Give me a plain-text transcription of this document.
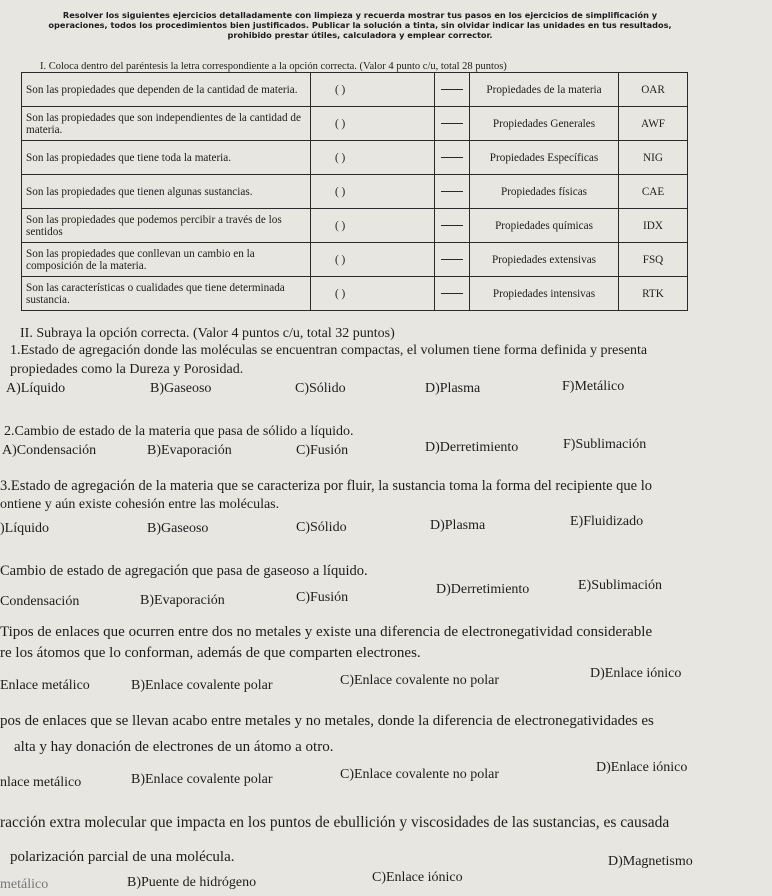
Resolver los siguientes ejercicios detalladamente con limpieza y recuerda mostrar tus pasos en los ejercicios de simplificación y operaciones, todos los procedimientos bien justificados. Publicar la solución a tinta, sin olvidar indicar las unidades en tus resultados, prohibido prestar útiles, calculadora y emplear corrector.
I. Coloca dentro del paréntesis la letra correspondiente a la opción correcta. (Valor 4 punto c/u, total 28 puntos)
Son las propiedades que dependen de la cantidad de materia.	( )		Propiedades de la materia	OAR
Son las propiedades que son independientes de la cantidad de materia.	( )		Propiedades Generales	AWF
Son las propiedades que tiene toda la materia.	( )		Propiedades Específicas	NIG
Son las propiedades que tienen algunas sustancias.	( )		Propiedades físicas	CAE
Son las propiedades que podemos percibir a través de los sentidos	( )		Propiedades químicas	IDX
Son las propiedades que conllevan un cambio en la composición de la materia.	( )		Propiedades extensivas	FSQ
Son las características o cualidades que tiene determinada sustancia.	( )		Propiedades intensivas	RTK
II. Subraya la opción correcta. (Valor 4 puntos c/u, total 32 puntos)
1.Estado de agregación donde las moléculas se encuentran compactas, el volumen tiene forma definida y presenta
propiedades como la Dureza y Porosidad.
A)Líquido	B)Gaseoso	C)Sólido	D)Plasma	F)Metálico
2.Cambio de estado de la materia que pasa de sólido a líquido.
A)Condensación	B)Evaporación	C)Fusión	D)Derretimiento	F)Sublimación
3.Estado de agregación de la materia que se caracteriza por fluir, la sustancia toma la forma del recipiente que lo
ontiene y aún existe cohesión entre las moléculas.
)Líquido	B)Gaseoso	C)Sólido	D)Plasma	E)Fluidizado
Cambio de estado de agregación que pasa de gaseoso a líquido.
Condensación	B)Evaporación	C)Fusión
D)Derretimiento	E)Sublimación
Tipos de enlaces que ocurren entre dos no metales y existe una diferencia de electronegatividad considerable
re los átomos que lo conforman, además de que comparten electrones.
Enlace metálico	B)Enlace covalente polar	C)Enlace covalente no polar	D)Enlace iónico
pos de enlaces que se llevan acabo entre metales y no metales, donde la diferencia de electronegatividades es
alta y hay donación de electrones de un átomo a otro.
nlace metálico	B)Enlace covalente polar	C)Enlace covalente no polar	D)Enlace iónico
racción extra molecular que impacta en los puntos de ebullición y viscosidades de las sustancias, es causada
polarización parcial de una molécula.
metálico	B)Puente de hidrógeno	C)Enlace iónico
D)Magnetismo
